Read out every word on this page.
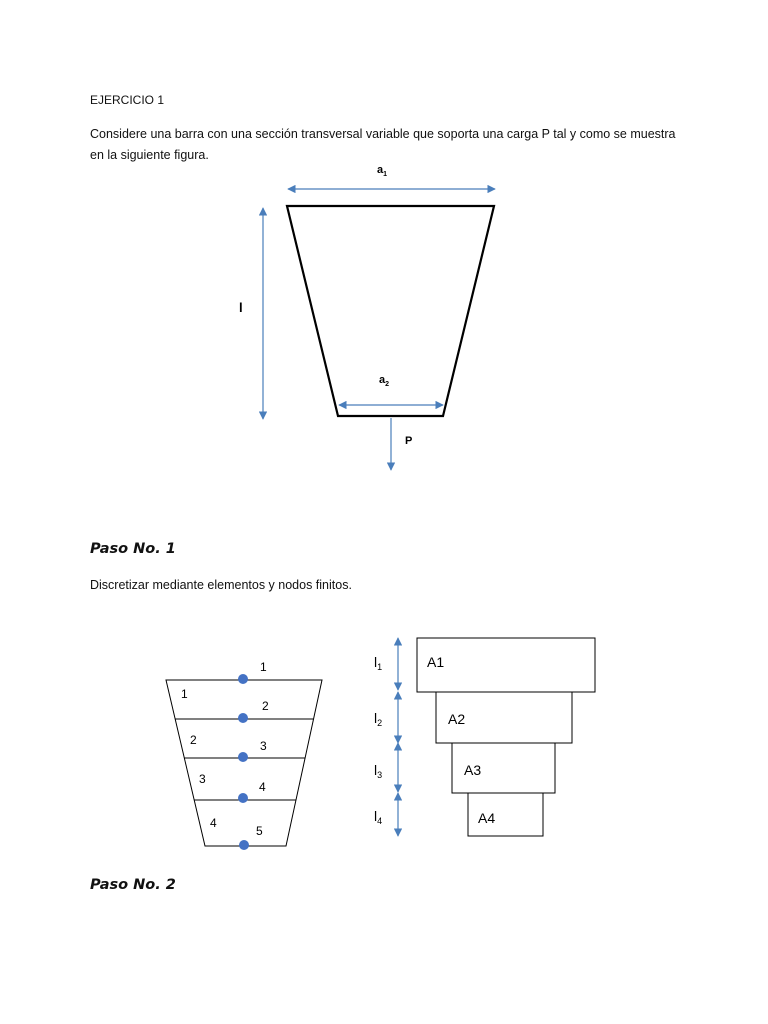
EJERCICIO 1
Considere una barra con una sección transversal variable que soporta una carga P tal y como se muestra
en la siguiente figura.
Paso No. 1
Discretizar mediante elementos y nodos finitos.
Paso No. 2
$a_1$
$a_2$
l
P
1
2
3
4
5
1
2
3
4
A1
A2
A3
A4
$l_1$
$l_2$
$l_3$
$l_4$
